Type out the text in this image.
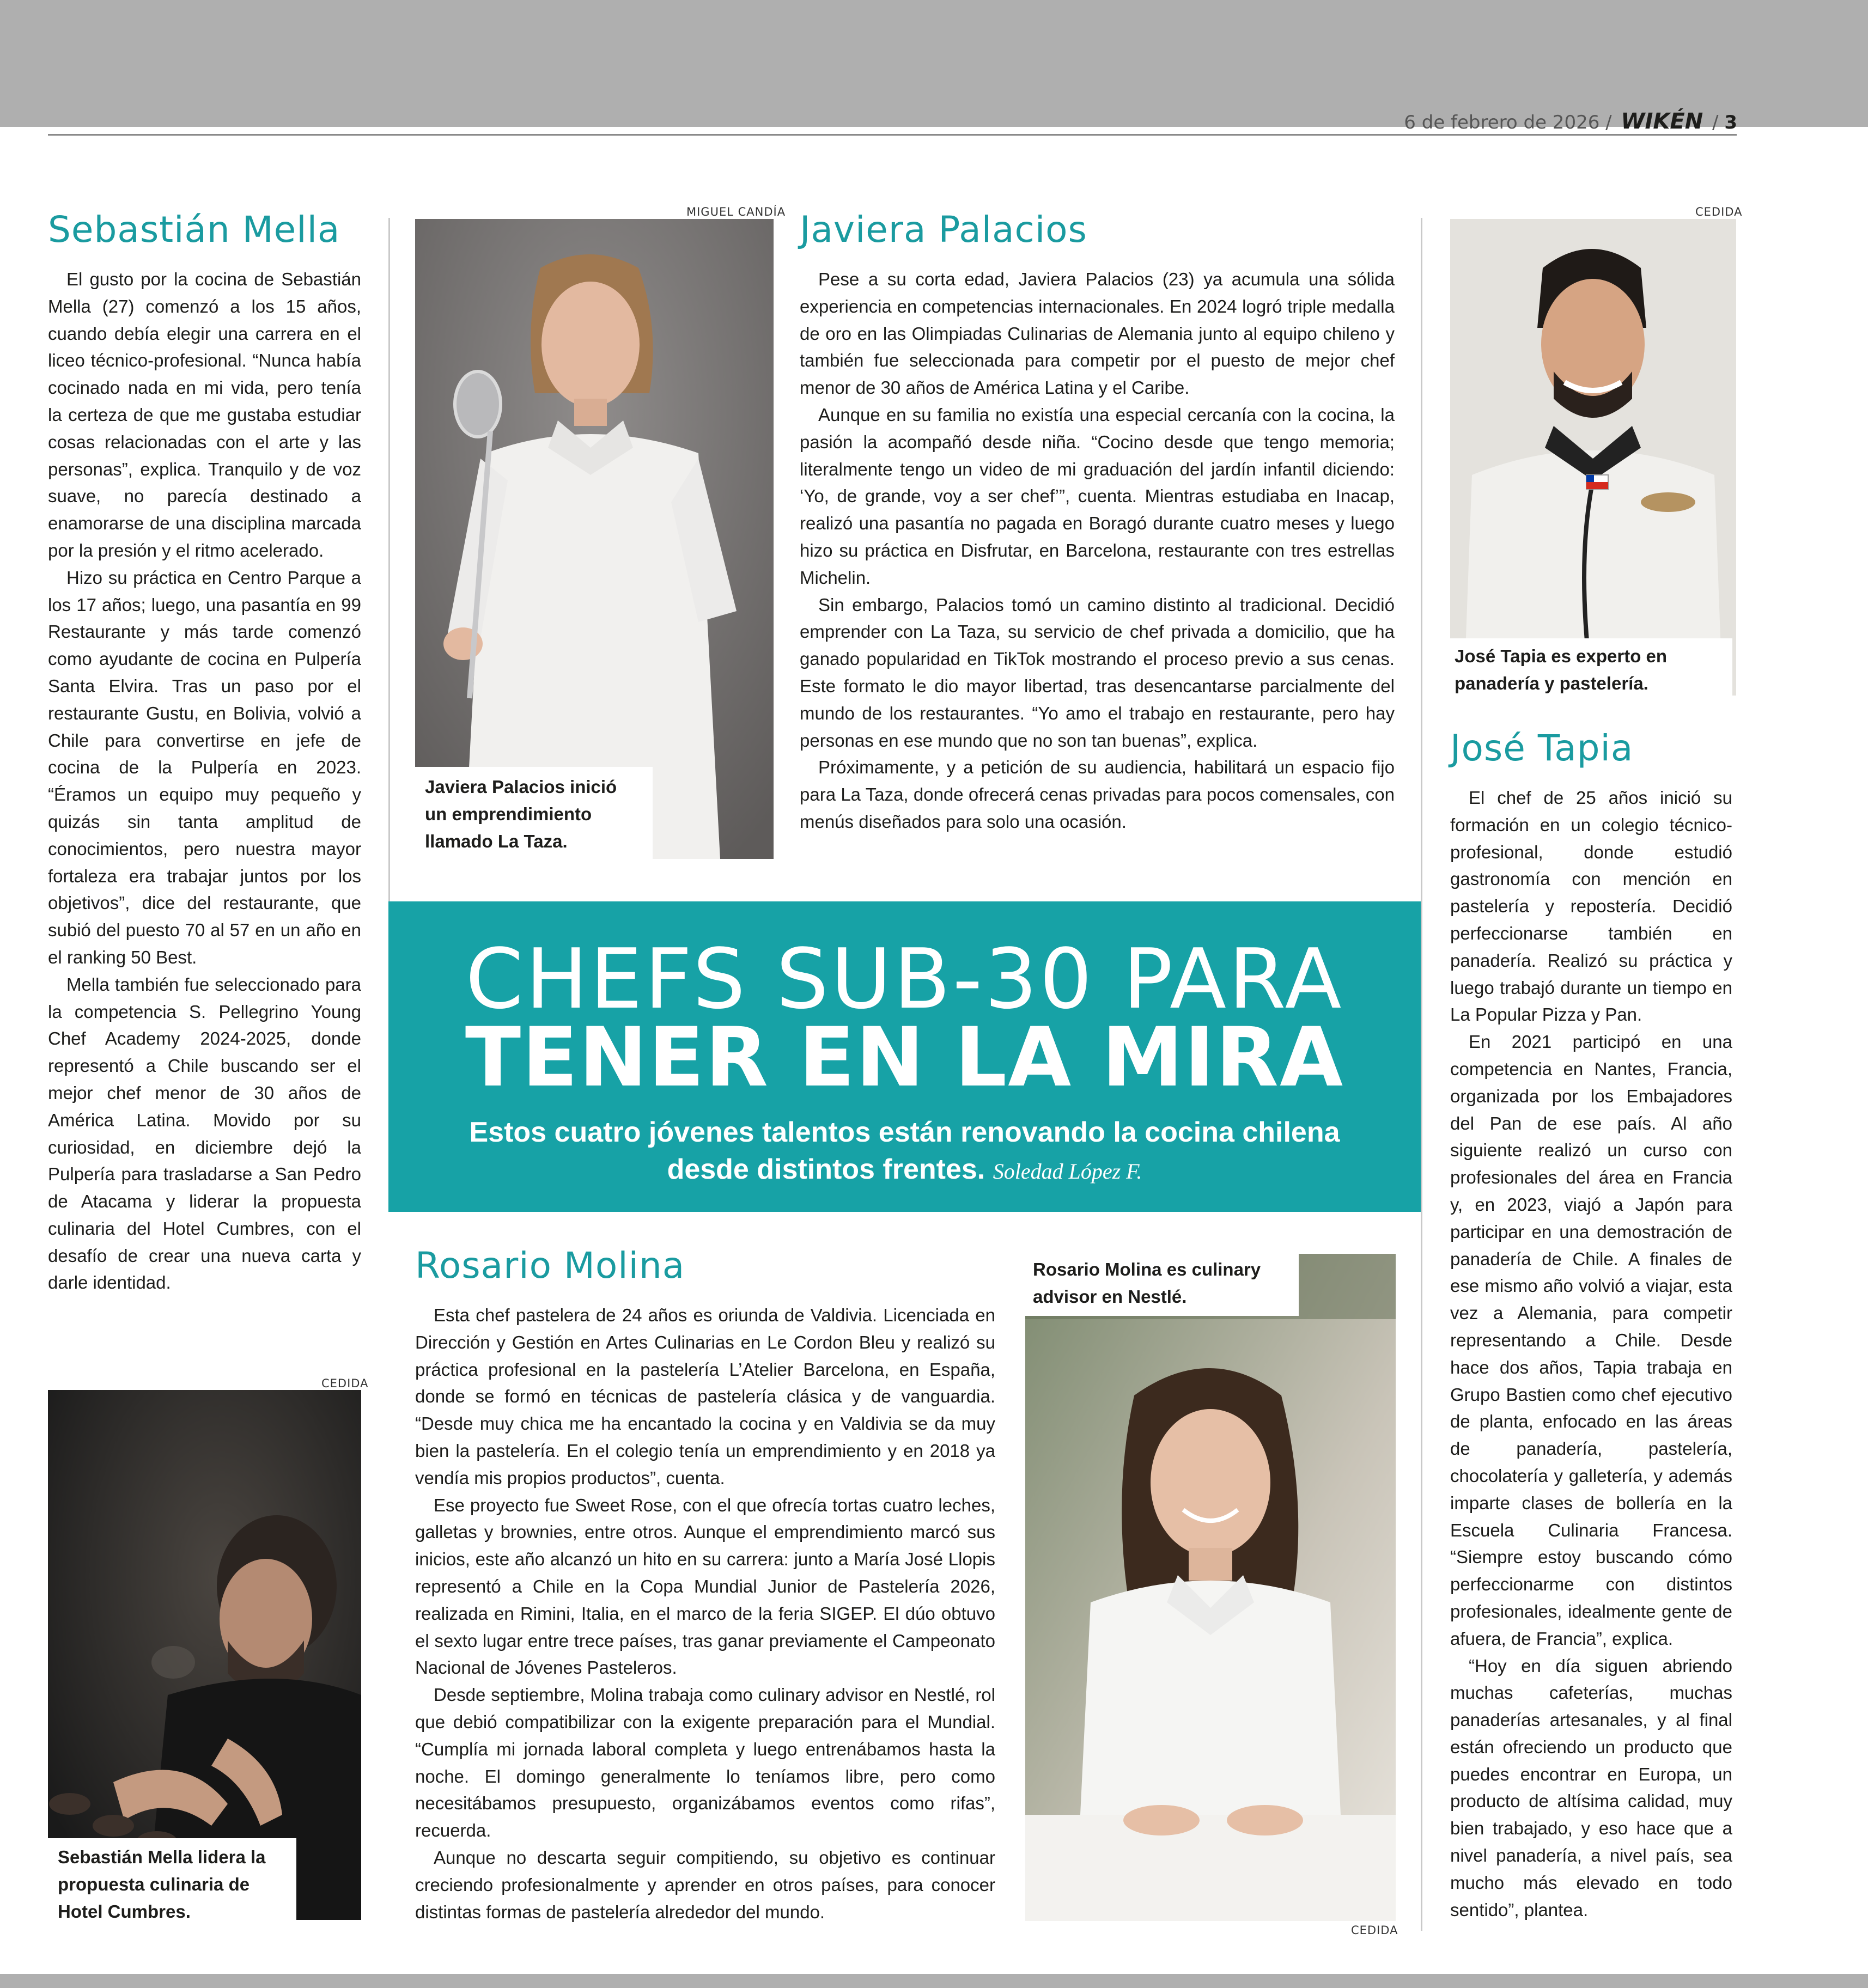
6 de febrero de 2026 / WIKÉN / 3
Sebastián Mella

El gusto por la cocina de Sebastián Mella (27) comenzó a los 15 años, cuando debía elegir una carrera en el liceo técnico-profesional. “Nunca había cocinado nada en mi vida, pero tenía la certeza de que me gustaba estudiar cosas relacionadas con el arte y las personas”, explica. Tranquilo y de voz suave, no parecía destinado a enamorarse de una disciplina marcada por la presión y el ritmo acelerado.

Hizo su práctica en Centro Parque a los 17 años; luego, una pasantía en 99 Restaurante y más tarde comenzó como ayudante de cocina en Pulpería Santa Elvira. Tras un paso por el restaurante Gustu, en Bolivia, volvió a Chile para convertirse en jefe de cocina de la Pulpería en 2023. “Éramos un equipo muy pequeño y quizás sin tanta amplitud de conocimientos, pero nuestra mayor fortaleza era trabajar juntos por los objetivos”, dice del restaurante, que subió del puesto 70 al 57 en un año en el ranking 50 Best.

Mella también fue seleccionado para la competencia S. Pellegrino Young Chef Academy 2024-2025, donde representó a Chile buscando ser el mejor chef menor de 30 años de América Latina. Movido por su curiosidad, en diciembre dejó la Pulpería para trasladarse a San Pedro de Atacama y liderar la propuesta culinaria del Hotel Cumbres, con el desafío de crear una nueva carta y darle identidad.

CEDIDA
Sebastián Mella lidera la propuesta culinaria de Hotel Cumbres.
MIGUEL CANDÍA
Javiera Palacios inició un emprendimiento llamado La Taza.
Javiera Palacios

Pese a su corta edad, Javiera Palacios (23) ya acumula una sólida experiencia en competencias internacionales. En 2024 logró triple medalla de oro en las Olimpiadas Culinarias de Alemania junto al equipo chileno y también fue seleccionada para competir por el puesto de mejor chef menor de 30 años de América Latina y el Caribe.

Aunque en su familia no existía una especial cercanía con la cocina, la pasión la acompañó desde niña. “Cocino desde que tengo memoria; literalmente tengo un video de mi graduación del jardín infantil diciendo: ‘Yo, de grande, voy a ser chef’”, cuenta. Mientras estudiaba en Inacap, realizó una pasantía no pagada en Boragó durante cuatro meses y luego hizo su práctica en Disfrutar, en Barcelona, restaurante con tres estrellas Michelin.

Sin embargo, Palacios tomó un camino distinto al tradicional. Decidió emprender con La Taza, su servicio de chef privada a domicilio, que ha ganado popularidad en TikTok mostrando el proceso previo a sus cenas. Este formato le dio mayor libertad, tras desencantarse parcialmente del mundo de los restaurantes. “Yo amo el trabajo en restaurante, pero hay personas en ese mundo que no son tan buenas”, explica.

Próximamente, y a petición de su audiencia, habilitará un espacio fijo para La Taza, donde ofrecerá cenas privadas para pocos comensales, con menús diseñados para solo una ocasión.

CHEFS SUB-30 PARA
TENER EN LA MIRA
Estos cuatro jóvenes talentos están renovando la cocina chilena
desde distintos frentes. Soledad López F.
Rosario Molina

Esta chef pastelera de 24 años es oriunda de Valdivia. Licenciada en Dirección y Gestión en Artes Culinarias en Le Cordon Bleu y realizó su práctica profesional en la pastelería L’Atelier Barcelona, en España, donde se formó en técnicas de pastelería clásica y de vanguardia. “Desde muy chica me ha encantado la cocina y en Valdivia se da muy bien la pastelería. En el colegio tenía un emprendimiento y en 2018 ya vendía mis propios productos”, cuenta.

Ese proyecto fue Sweet Rose, con el que ofrecía tortas cuatro leches, galletas y brownies, entre otros. Aunque el emprendimiento marcó sus inicios, este año alcanzó un hito en su carrera: junto a María José Llopis representó a Chile en la Copa Mundial Junior de Pastelería 2026, realizada en Rimini, Italia, en el marco de la feria SIGEP. El dúo obtuvo el sexto lugar entre trece países, tras ganar previamente el Campeonato Nacional de Jóvenes Pasteleros.

Desde septiembre, Molina trabaja como culinary advisor en Nestlé, rol que debió compatibilizar con la exigente preparación para el Mundial. “Cumplía mi jornada laboral completa y luego entrenábamos hasta la noche. El domingo generalmente lo teníamos libre, pero como necesitábamos presupuesto, organizábamos eventos como rifas”, recuerda.

Aunque no descarta seguir compitiendo, su objetivo es continuar creciendo profesionalmente y aprender en otros países, para conocer distintas formas de pastelería alrededor del mundo.

Rosario Molina es culinary advisor en Nestlé.
CEDIDA
CEDIDA
José Tapia es experto en panadería y pastelería.
José Tapia

El chef de 25 años inició su formación en un colegio técnico-profesional, donde estudió gastronomía con mención en pastelería y repostería. Decidió perfeccionarse también en panadería. Realizó su práctica y luego trabajó durante un tiempo en La Popular Pizza y Pan.

En 2021 participó en una competencia en Nantes, Francia, organizada por los Embajadores del Pan de ese país. Al año siguiente realizó un curso con profesionales del área en Francia y, en 2023, viajó a Japón para participar en una demostración de panadería de Chile. A finales de ese mismo año volvió a viajar, esta vez a Alemania, para competir representando a Chile. Desde hace dos años, Tapia trabaja en Grupo Bastien como chef ejecutivo de planta, enfocado en las áreas de panadería, pastelería, chocolatería y galletería, y además imparte clases de bollería en la Escuela Culinaria Francesa. “Siempre estoy buscando cómo perfeccionarme con distintos profesionales, idealmente gente de afuera, de Francia”, explica.

“Hoy en día siguen abriendo muchas cafeterías, muchas panaderías artesanales, y al final están ofreciendo un producto que puedes encontrar en Europa, un producto de altísima calidad, muy bien trabajado, y eso hace que a nivel panadería, a nivel país, sea mucho más elevado en todo sentido”, plantea.
